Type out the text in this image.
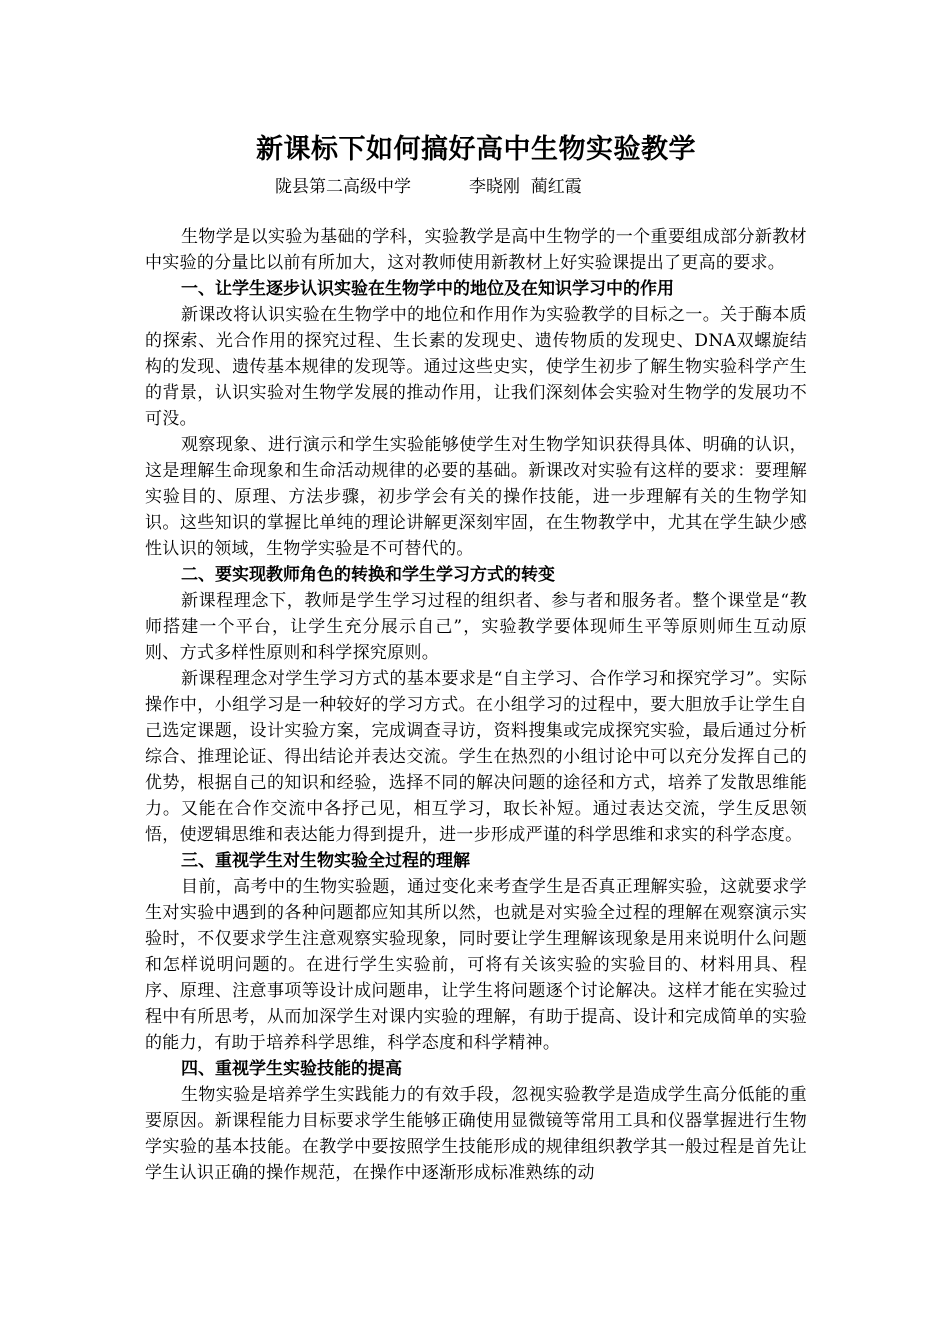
新课标下如何搞好高中生物实验教学
陇县第二高级中学	李晓刚  蔺红霞

生物学是以实验为基础的学科，实验教学是高中生物学的一个重要组成部分新教材中实验的分量比以前有所加大，这对教师使用新教材上好实验课提出了更高的要求。

一、让学生逐步认识实验在生物学中的地位及在知识学习中的作用

新课改将认识实验在生物学中的地位和作用作为实验教学的目标之一。关于酶本质的探索、光合作用的探究过程、生长素的发现史、遗传物质的发现史、DNA双螺旋结构的发现、遗传基本规律的发现等。通过这些史实，使学生初步了解生物实验科学产生的背景，认识实验对生物学发展的推动作用，让我们深刻体会实验对生物学的发展功不可没。

观察现象、进行演示和学生实验能够使学生对生物学知识获得具体、明确的认识，这是理解生命现象和生命活动规律的必要的基础。新课改对实验有这样的要求：要理解实验目的、原理、方法步骤，初步学会有关的操作技能，进一步理解有关的生物学知识。这些知识的掌握比单纯的理论讲解更深刻牢固，在生物教学中，尤其在学生缺少感性认识的领域，生物学实验是不可替代的。

二、要实现教师角色的转换和学生学习方式的转变

新课程理念下，教师是学生学习过程的组织者、参与者和服务者。整个课堂是“教师搭建一个平台，让学生充分展示自己”，实验教学要体现师生平等原则师生互动原则、方式多样性原则和科学探究原则。

新课程理念对学生学习方式的基本要求是“自主学习、合作学习和探究学习”。实际操作中，小组学习是一种较好的学习方式。在小组学习的过程中，要大胆放手让学生自己选定课题，设计实验方案，完成调查寻访，资料搜集或完成探究实验，最后通过分析综合、推理论证、得出结论并表达交流。学生在热烈的小组讨论中可以充分发挥自己的优势，根据自己的知识和经验，选择不同的解决问题的途径和方式，培养了发散思维能力。又能在合作交流中各抒己见，相互学习，取长补短。通过表达交流，学生反思领悟，使逻辑思维和表达能力得到提升，进一步形成严谨的科学思维和求实的科学态度。

三、重视学生对生物实验全过程的理解

目前，高考中的生物实验题，通过变化来考查学生是否真正理解实验，这就要求学生对实验中遇到的各种问题都应知其所以然，也就是对实验全过程的理解在观察演示实验时，不仅要求学生注意观察实验现象，同时要让学生理解该现象是用来说明什么问题和怎样说明问题的。在进行学生实验前，可将有关该实验的实验目的、材料用具、程序、原理、注意事项等设计成问题串，让学生将问题逐个讨论解决。这样才能在实验过程中有所思考，从而加深学生对课内实验的理解，有助于提高、设计和完成简单的实验的能力，有助于培养科学思维，科学态度和科学精神。

四、重视学生实验技能的提高

生物实验是培养学生实践能力的有效手段，忽视实验教学是造成学生高分低能的重要原因。新课程能力目标要求学生能够正确使用显微镜等常用工具和仪器掌握进行生物学实验的基本技能。在教学中要按照学生技能形成的规律组织教学其一般过程是首先让学生认识正确的操作规范，在操作中逐渐形成标准熟练的动
